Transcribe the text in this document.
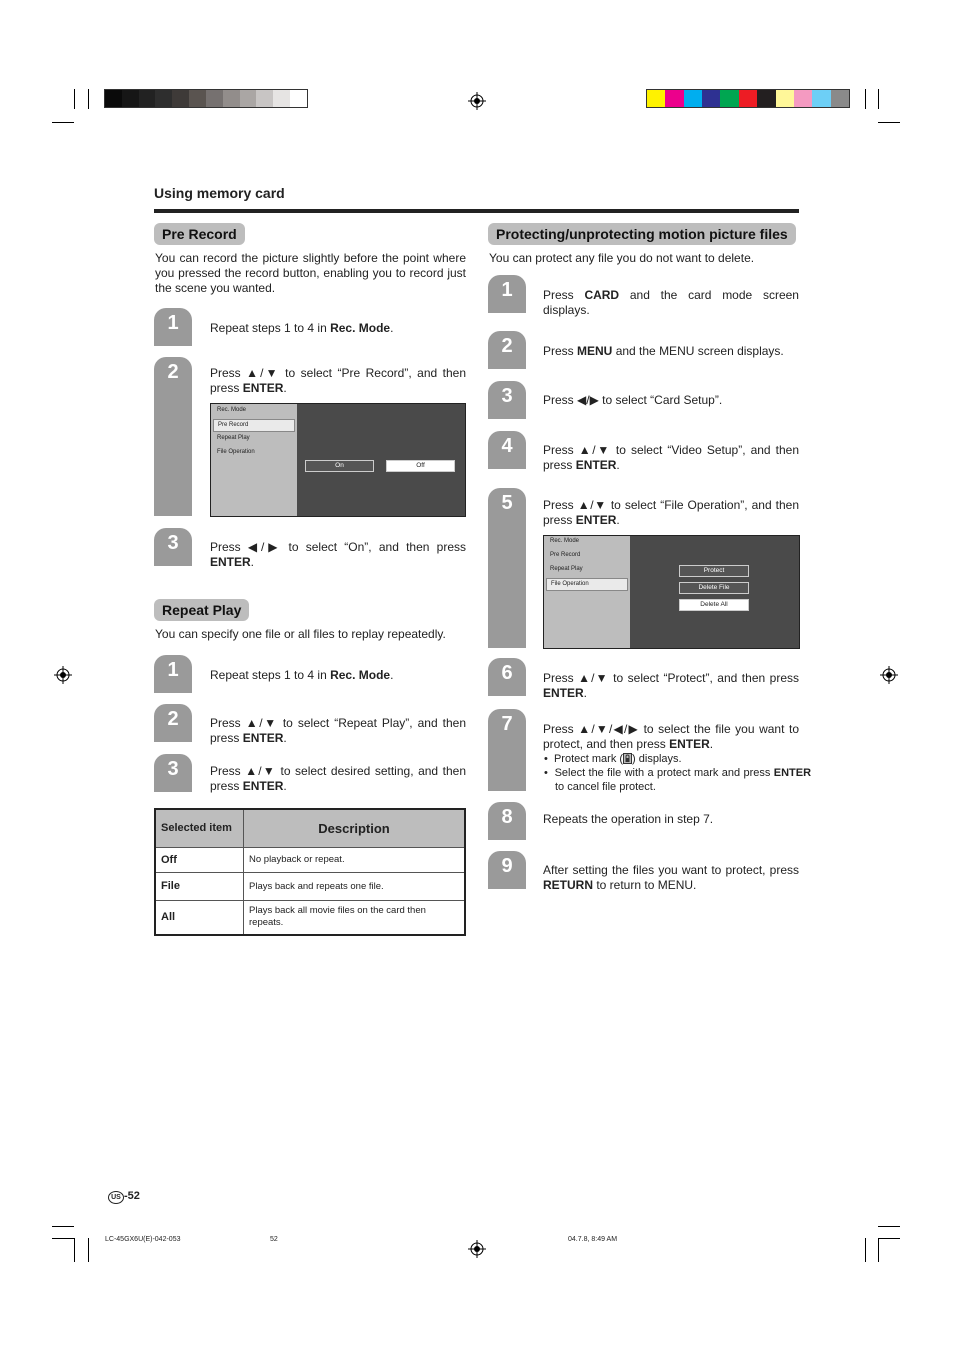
Using memory card
Pre Record
You can record the picture slightly before the point where you pressed the record button, enabling you to record just the scene you wanted.
1	Repeat steps 1 to 4 in Rec. Mode.
2	Press ▲/▼ to select “Pre Record”, and then press ENTER.
Rec. Mode
Pre Record
Repeat Play
File Operation
On	Off
3	Press ◀/▶ to select “On”, and then press ENTER.
Repeat Play
You can specify one file or all files to replay repeatedly.
1	Repeat steps 1 to 4 in Rec. Mode.
2	Press ▲/▼ to select “Repeat Play”, and then press ENTER.
3	Press ▲/▼ to select desired setting, and then press ENTER.
Selected item	Description
Off	No playback or repeat.
File	Plays back and repeats one file.
All	Plays back all movie files on the card then repeats.
Protecting/unprotecting motion picture files
You can protect any file you do not want to delete.
1	Press CARD and the card mode screen displays.
2	Press MENU and the MENU screen displays.
3	Press ◀/▶ to select “Card Setup”.
4	Press ▲/▼ to select “Video Setup”, and then press ENTER.
5	Press ▲/▼ to select “File Operation”, and then press ENTER.
Rec. Mode
Pre Record
Repeat Play
File Operation
Protect
Delete File
Delete All
6	Press ▲/▼ to select “Protect”, and then press ENTER.
7	Press ▲/▼/◀/▶ to select the file you want to protect, and then press ENTER.
•  Protect mark ( ) displays.
•  Select the file with a protect mark and press ENTER to cancel file protect.
8	Repeats the operation in step 7.
9	After setting the files you want to protect, press RETURN to return to MENU.
US -52
LC-45GX6U(E)-042-053	52	04.7.8, 8:49 AM
